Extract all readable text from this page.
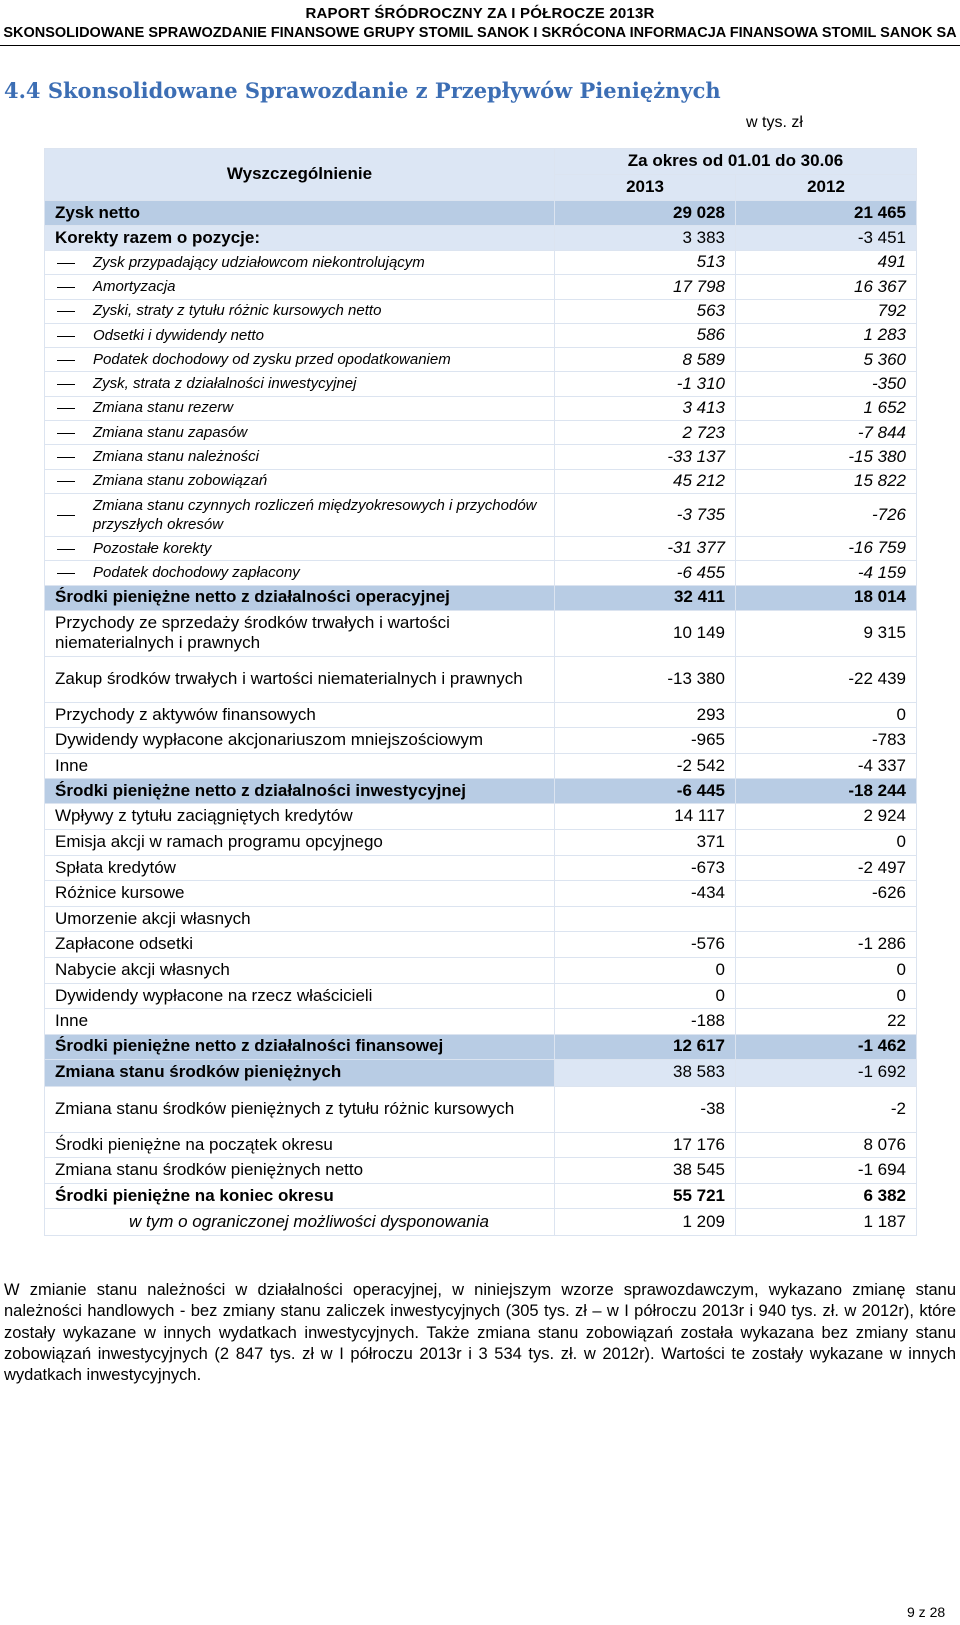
RAPORT ŚRÓDROCZNY ZA I PÓŁROCZE 2013R
SKONSOLIDOWANE SPRAWOZDANIE FINANSOWE GRUPY STOMIL SANOK I SKRÓCONA INFORMACJA FINANSOWA STOMIL SANOK SA
4.4 Skonsolidowane Sprawozdanie z Przepływów Pieniężnych
w tys. zł
Wyszczególnienie	Za okres od 01.01 do 30.06	
	2013	2012
Zysk netto	29 028	21 465
Korekty razem o pozycje:	3 383	-3 451
Zysk przypadający udziałowcom niekontrolującym	513	491
Amortyzacja	17 798	16 367
Zyski, straty z tytułu różnic kursowych netto	563	792
Odsetki i dywidendy netto	586	1 283
Podatek dochodowy od zysku przed opodatkowaniem	8 589	5 360
Zysk, strata z działalności inwestycyjnej	-1 310	-350
Zmiana stanu rezerw	3 413	1 652
Zmiana stanu zapasów	2 723	-7 844
Zmiana stanu należności	-33 137	-15 380
Zmiana stanu zobowiązań	45 212	15 822
Zmiana stanu czynnych rozliczeń międzyokresowych i przychodów przyszłych okresów	-3 735	-726
Pozostałe korekty	-31 377	-16 759
Podatek dochodowy zapłacony	-6 455	-4 159
Środki pieniężne netto z działalności operacyjnej	32 411	18 014
Przychody ze sprzedaży środków trwałych i wartości niematerialnych i prawnych	10 149	9 315
Zakup środków trwałych i wartości niematerialnych i prawnych	-13 380	-22 439
Przychody z aktywów finansowych	293	0
Dywidendy wypłacone akcjonariuszom mniejszościowym	-965	-783
Inne	-2 542	-4 337
Środki pieniężne netto z działalności inwestycyjnej	-6 445	-18 244
Wpływy z tytułu zaciągniętych kredytów	14 117	2 924
Emisja akcji w ramach programu opcyjnego	371	0
Spłata kredytów	-673	-2 497
Różnice kursowe	-434	-626
Umorzenie akcji własnych		
Zapłacone odsetki	-576	-1 286
Nabycie akcji własnych	0	0
Dywidendy wypłacone na rzecz właścicieli	0	0
Inne	-188	22
Środki pieniężne netto z działalności finansowej	12 617	-1 462
Zmiana stanu środków pieniężnych	38 583	-1 692
Zmiana stanu środków pieniężnych z tytułu różnic kursowych	-38	-2
Środki pieniężne na początek okresu	17 176	8 076
Zmiana stanu środków pieniężnych netto	38 545	-1 694
Środki pieniężne na koniec okresu	55 721	6 382
w tym o ograniczonej możliwości dysponowania	1 209	1 187
W zmianie stanu należności w działalności operacyjnej, w niniejszym wzorze sprawozdawczym, wykazano zmianę stanu należności handlowych - bez zmiany stanu zaliczek inwestycyjnych (305 tys. zł – w I półroczu 2013r i 940 tys. zł. w 2012r), które zostały wykazane w innych wydatkach inwestycyjnych. Także zmiana stanu zobowiązań została wykazana bez zmiany stanu zobowiązań inwestycyjnych (2 847 tys. zł w I półroczu 2013r i 3 534 tys. zł. w 2012r). Wartości te zostały wykazane w innych wydatkach inwestycyjnych.
9 z 28
